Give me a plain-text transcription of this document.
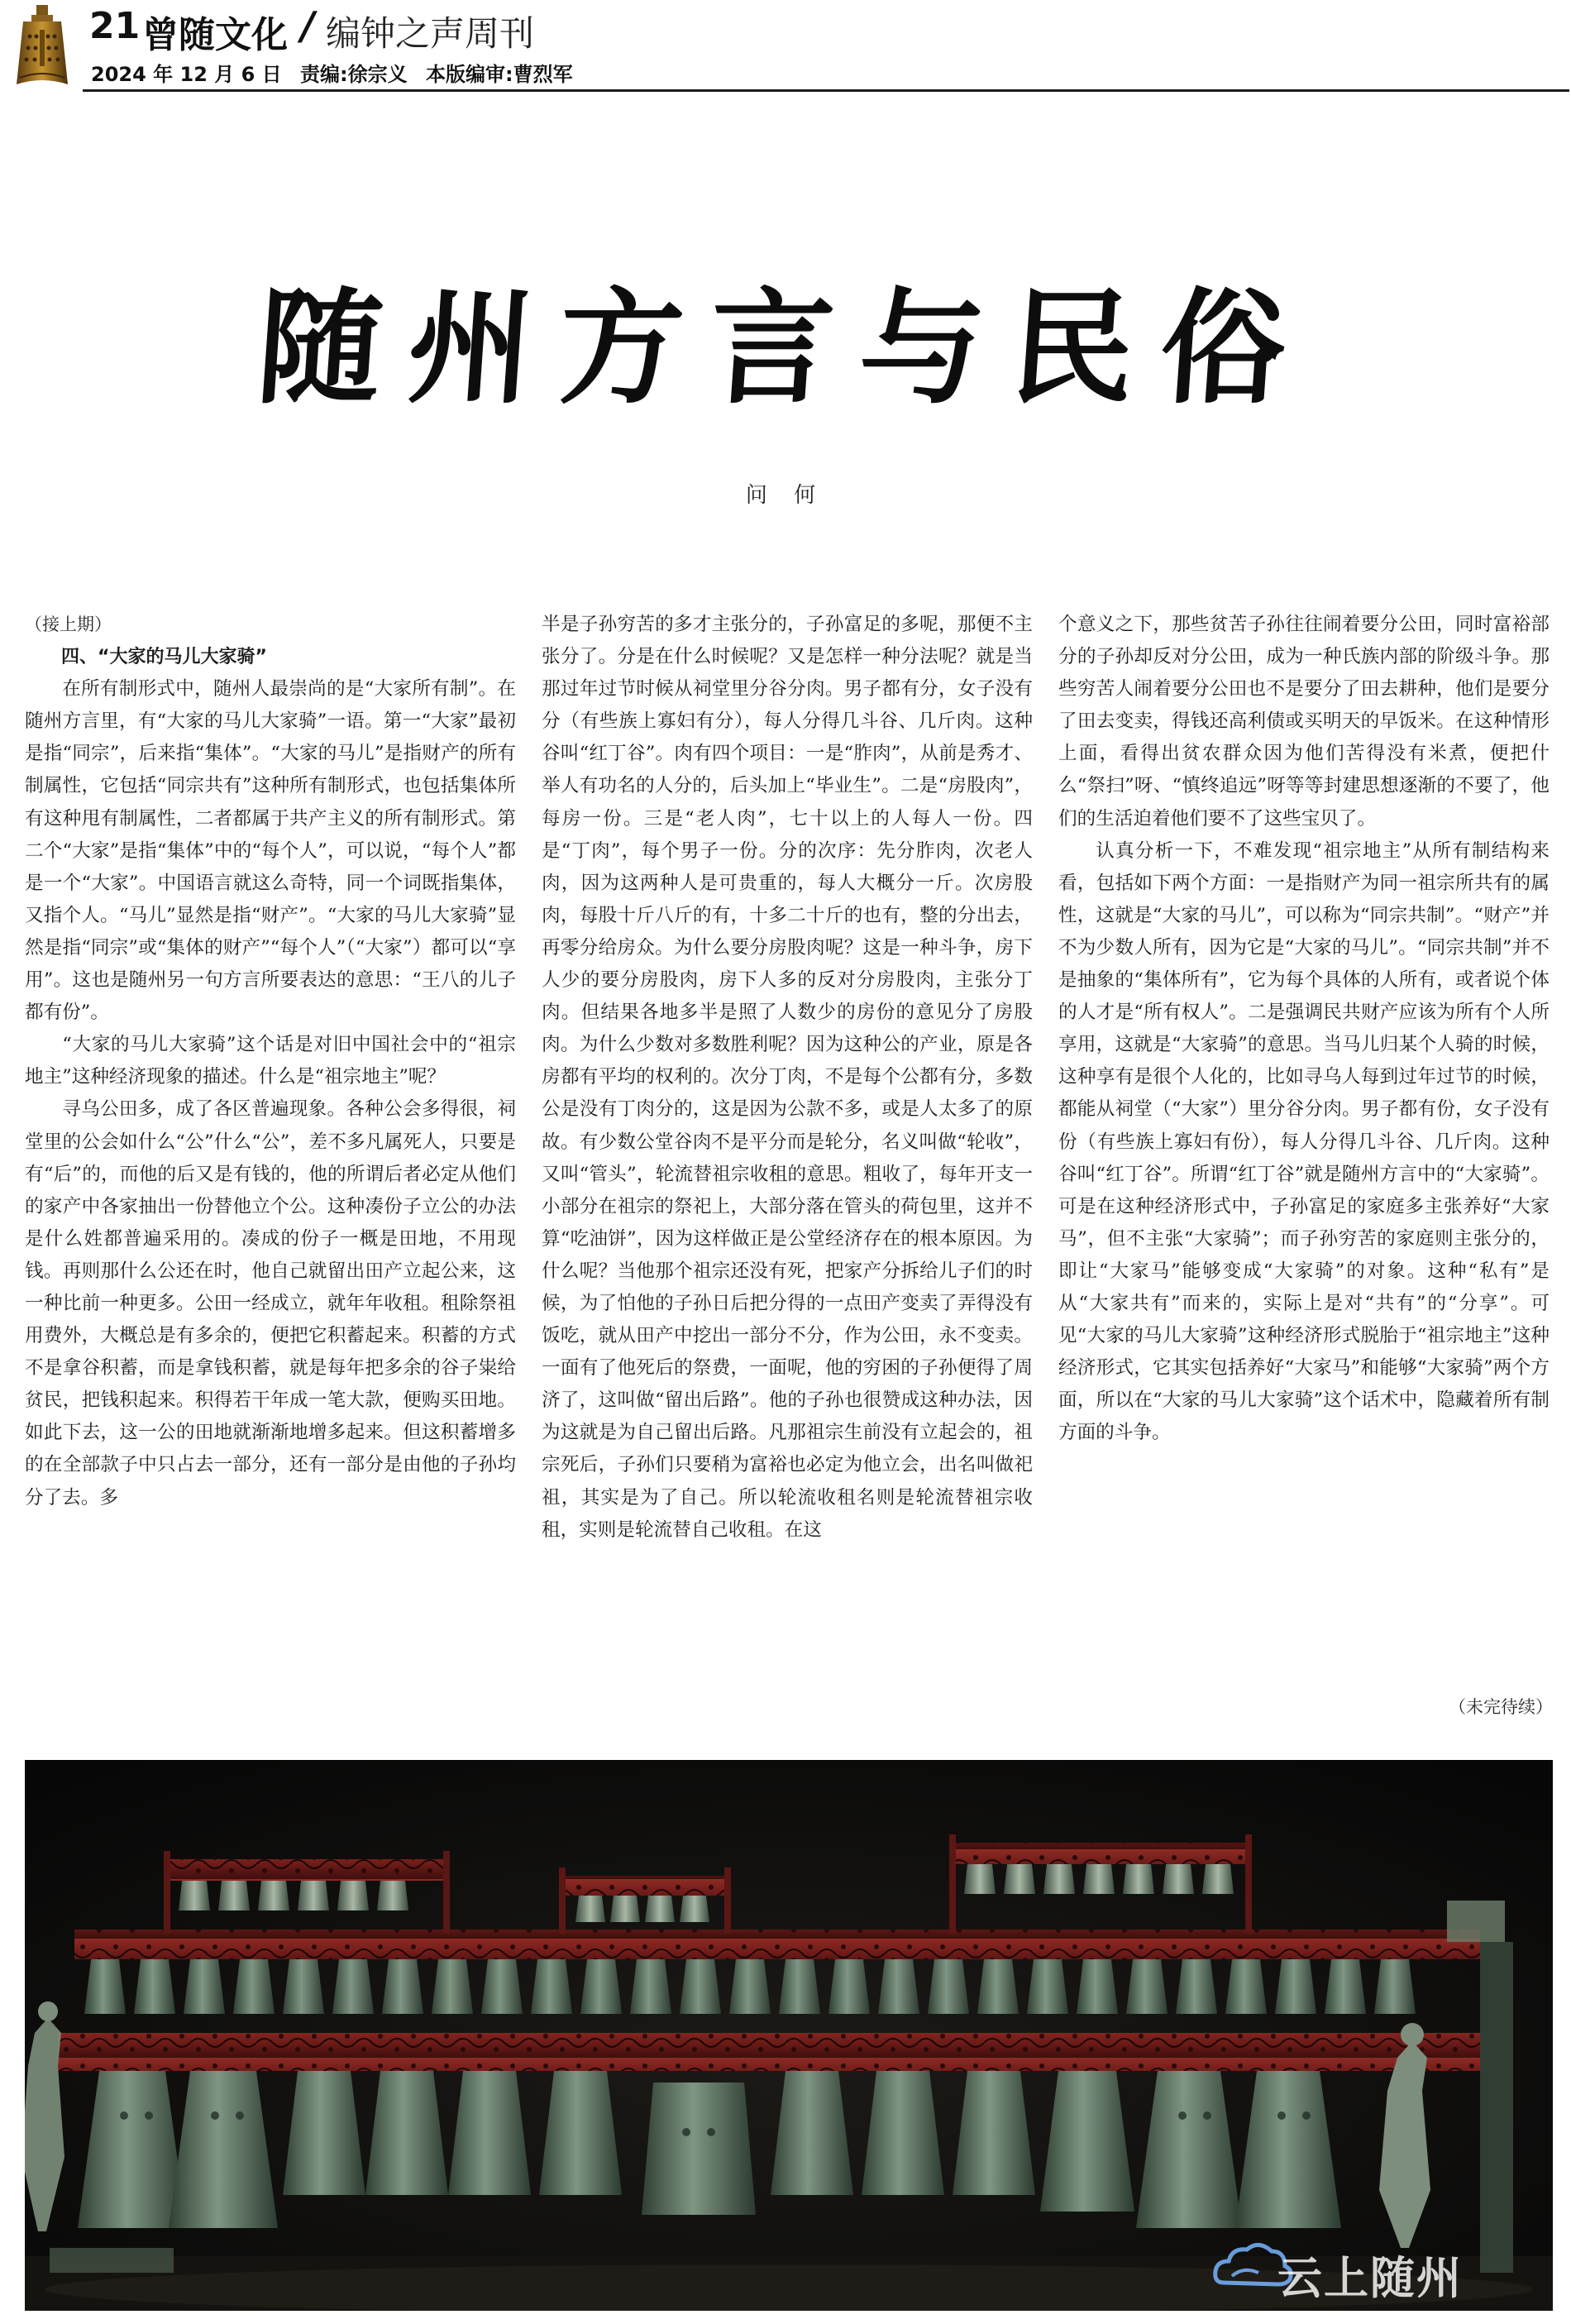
21 曾随文化 / 编钟之声周刊
2024 年 12 月 6 日 责编:徐宗义 本版编审:曹烈军
随州方言与民俗
问 何

（接上期）

四、“大家的马儿大家骑”

在所有制形式中，随州人最崇尚的是“大家所有制”。在随州方言里，有“大家的马儿大家骑”一语。第一“大家”最初是指“同宗”，后来指“集体”。“大家的马儿”是指财产的所有制属性，它包括“同宗共有”这种所有制形式，也包括集体所有这种甩有制属性，二者都属于共产主义的所有制形式。第二个“大家”是指“集体”中的“每个人”，可以说，“每个人”都是一个“大家”。中国语言就这么奇特，同一个词既指集体，又指个人。“马儿”显然是指“财产”。“大家的马儿大家骑”显然是指“同宗”或“集体的财产”“每个人”（“大家”）都可以“享用”。这也是随州另一句方言所要表达的意思：“王八的儿子都有份”。

“大家的马儿大家骑”这个话是对旧中国社会中的“祖宗地主”这种经济现象的描述。什么是“祖宗地主”呢？

寻乌公田多，成了各区普遍现象。各种公会多得很，祠堂里的公会如什么“公”什么“公”，差不多凡属死人，只要是有“后”的，而他的后又是有钱的，他的所谓后者必定从他们的家产中各家抽出一份替他立个公。这种凑份子立公的办法是什么姓都普遍采用的。凑成的份子一概是田地，不用现钱。再则那什么公还在时，他自己就留出田产立起公来，这一种比前一种更多。公田一经成立，就年年收租。租除祭祖用费外，大概总是有多余的，便把它积蓄起来。积蓄的方式不是拿谷积蓄，而是拿钱积蓄，就是每年把多余的谷子粜给贫民，把钱积起来。积得若干年成一笔大款，便购买田地。如此下去，这一公的田地就渐渐地增多起来。但这积蓄增多的在全部款子中只占去一部分，还有一部分是由他的子孙均分了去。多

半是子孙穷苦的多才主张分的，子孙富足的多呢，那便不主张分了。分是在什么时候呢？又是怎样一种分法呢？就是当那过年过节时候从祠堂里分谷分肉。男子都有分，女子没有分（有些族上寡妇有分），每人分得几斗谷、几斤肉。这种谷叫“红丁谷”。肉有四个项目：一是“胙肉”，从前是秀才、举人有功名的人分的，后头加上“毕业生”。二是“房股肉”，每房一份。三是“老人肉”，七十以上的人每人一份。四是“丁肉”，每个男子一份。分的次序：先分胙肉，次老人肉，因为这两种人是可贵重的，每人大概分一斤。次房股肉，每股十斤八斤的有，十多二十斤的也有，整的分出去，再零分给房众。为什么要分房股肉呢？这是一种斗争，房下人少的要分房股肉，房下人多的反对分房股肉，主张分丁肉。但结果各地多半是照了人数少的房份的意见分了房股肉。为什么少数对多数胜利呢？因为这种公的产业，原是各房都有平均的权利的。次分丁肉，不是每个公都有分，多数公是没有丁肉分的，这是因为公款不多，或是人太多了的原故。有少数公堂谷肉不是平分而是轮分，名义叫做“轮收”，又叫“管头”，轮流替祖宗收租的意思。粗收了，每年开支一小部分在祖宗的祭祀上，大部分落在管头的荷包里，这并不算“吃油饼”，因为这样做正是公堂经济存在的根本原因。为什么呢？当他那个祖宗还没有死，把家产分拆给儿子们的时候，为了怕他的子孙日后把分得的一点田产变卖了弄得没有饭吃，就从田产中挖出一部分不分，作为公田，永不变卖。一面有了他死后的祭费，一面呢，他的穷困的子孙便得了周济了，这叫做“留出后路”。他的子孙也很赞成这种办法，因为这就是为自己留出后路。凡那祖宗生前没有立起会的，祖宗死后，子孙们只要稍为富裕也必定为他立会，出名叫做祀祖，其实是为了自己。所以轮流收租名则是轮流替祖宗收租，实则是轮流替自己收租。在这

个意义之下，那些贫苦子孙往往闹着要分公田，同时富裕部分的子孙却反对分公田，成为一种氏族内部的阶级斗争。那些穷苦人闹着要分公田也不是要分了田去耕种，他们是要分了田去变卖，得钱还高利债或买明天的早饭米。在这种情形上面，看得出贫农群众因为他们苦得没有米煮，便把什么“祭扫”呀、“慎终追远”呀等等封建思想逐渐的不要了，他们的生活迫着他们要不了这些宝贝了。

认真分析一下，不难发现“祖宗地主”从所有制结构来看，包括如下两个方面：一是指财产为同一祖宗所共有的属性，这就是“大家的马儿”，可以称为“同宗共制”。“财产”并不为少数人所有，因为它是“大家的马儿”。“同宗共制”并不是抽象的“集体所有”，它为每个具体的人所有，或者说个体的人才是“所有权人”。二是强调民共财产应该为所有个人所享用，这就是“大家骑”的意思。当马儿归某个人骑的时候，这种享有是很个人化的，比如寻乌人每到过年过节的时候，都能从祠堂（“大家”）里分谷分肉。男子都有份，女子没有份（有些族上寡妇有份），每人分得几斗谷、几斤肉。这种谷叫“红丁谷”。所谓“红丁谷”就是随州方言中的“大家骑”。可是在这种经济形式中，子孙富足的家庭多主张养好“大家马”，但不主张“大家骑”；而子孙穷苦的家庭则主张分的，即让“大家马”能够变成“大家骑”的对象。这种“私有”是从“大家共有”而来的，实际上是对“共有”的“分享”。可见“大家的马儿大家骑”这种经济形式脱胎于“祖宗地主”这种经济形式，它其实包括养好“大家马”和能够“大家骑”两个方面，所以在“大家的马儿大家骑”这个话术中，隐藏着所有制方面的斗争。

（未完待续）
云上随州
